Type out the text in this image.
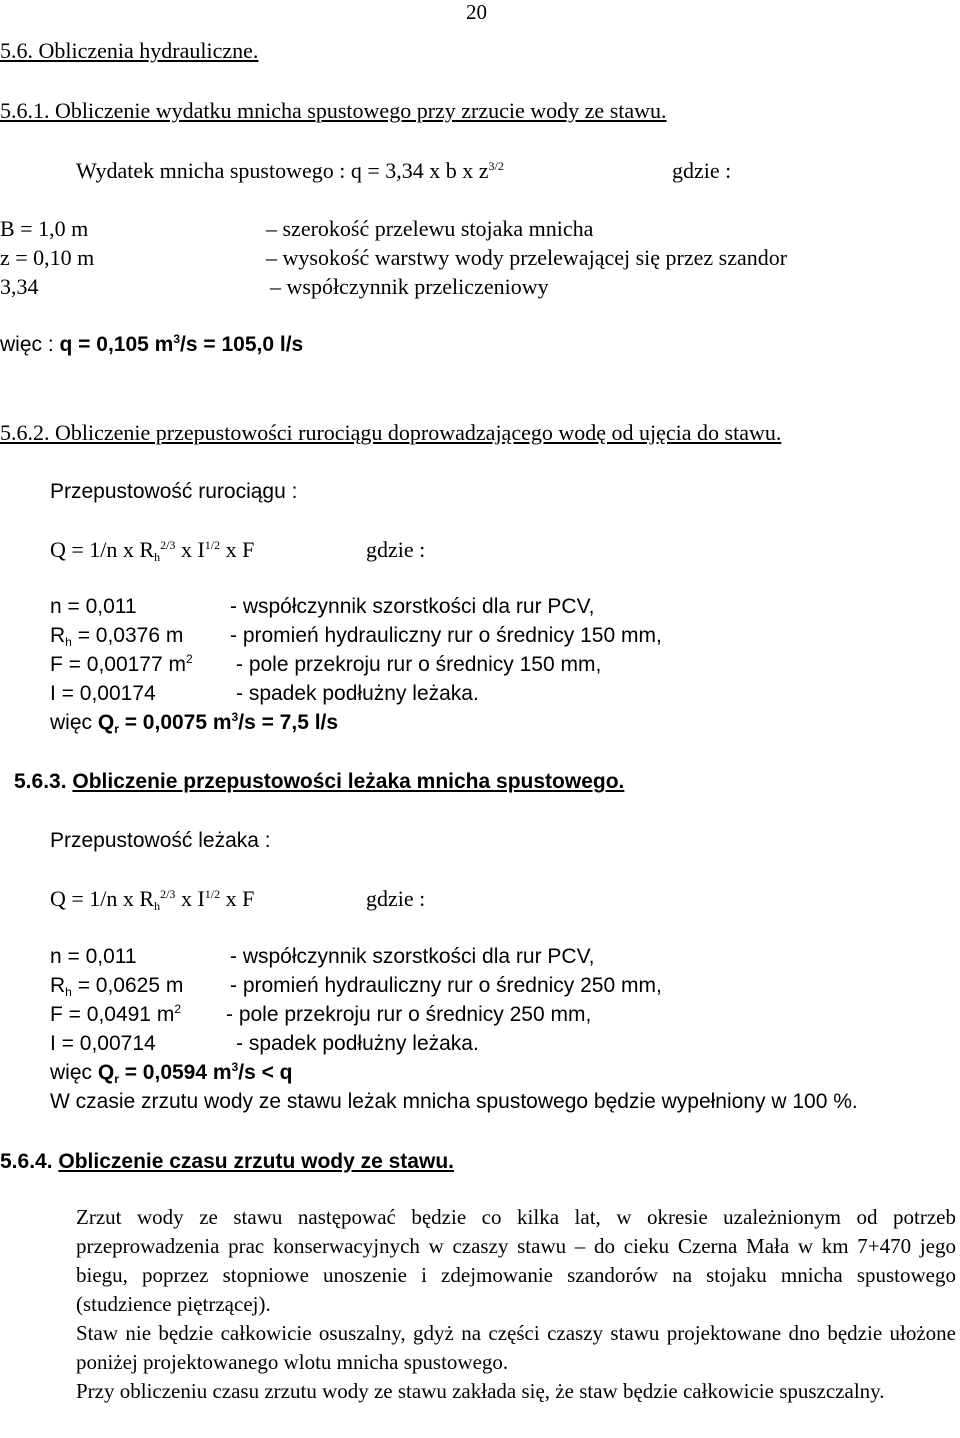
20
5.6. Obliczenia hydrauliczne.
5.6.1. Obliczenie wydatku mnicha spustowego przy zrzucie wody ze stawu.
Wydatek mnicha spustowego : q = 3,34 x b x $z^{3/2}$	gdzie :
B = 1,0 m	– szerokość przelewu stojaka mnicha
z = 0,10 m	– wysokość warstwy wody przelewającej się przez szandor
3,34	– współczynnik przeliczeniowy
więc : q = 0,105 $m^3/s = 105,0$ l/s
5.6.2. Obliczenie przepustowości rurociągu doprowadzającego wodę od ujęcia do stawu.
Przepustowość rurociągu :
Q = 1/n x $R_h^{2/3}$ x $I^{1/2}$ x F	gdzie :
n = 0,011	- współczynnik szorstkości dla rur PCV,
$R_h = 0,0376$ m - promień hydrauliczny rur o średnicy 150 mm,
F = 0,00177 $m^2$ - pole przekroju rur o średnicy 150 mm,
I = 0,00174	- spadek podłużny leżaka.
więc $Q_r = 0,0075$ $m^3/s = 7,5$ l/s
5.6.3. Obliczenie przepustowości leżaka mnicha spustowego.
Przepustowość leżaka :
Q = 1/n x $R_h^{2/3}$ x $I^{1/2}$ x F	gdzie :
n = 0,011	- współczynnik szorstkości dla rur PCV,
$R_h = 0,0625$ m - promień hydrauliczny rur o średnicy 250 mm,
F = 0,0491 $m^2$ - pole przekroju rur o średnicy 250 mm,
I = 0,00714	- spadek podłużny leżaka.
więc $Q_r = 0,0594$ $m^3/s < q$
W czasie zrzutu wody ze stawu leżak mnicha spustowego będzie wypełniony w 100 %.
5.6.4. Obliczenie czasu zrzutu wody ze stawu.

Zrzut wody ze stawu następować będzie co kilka lat, w okresie uzależnionym od potrzeb przeprowadzenia prac konserwacyjnych w czaszy stawu – do cieku Czerna Mała w km 7+470 jego biegu, poprzez stopniowe unoszenie i zdejmowanie szandorów na stojaku mnicha spustowego (studzience piętrzącej).

Staw nie będzie całkowicie osuszalny, gdyż na części czaszy stawu projektowane dno będzie ułożone poniżej projektowanego wlotu mnicha spustowego.

Przy obliczeniu czasu zrzutu wody ze stawu zakłada się, że staw będzie całkowicie spuszczalny.
